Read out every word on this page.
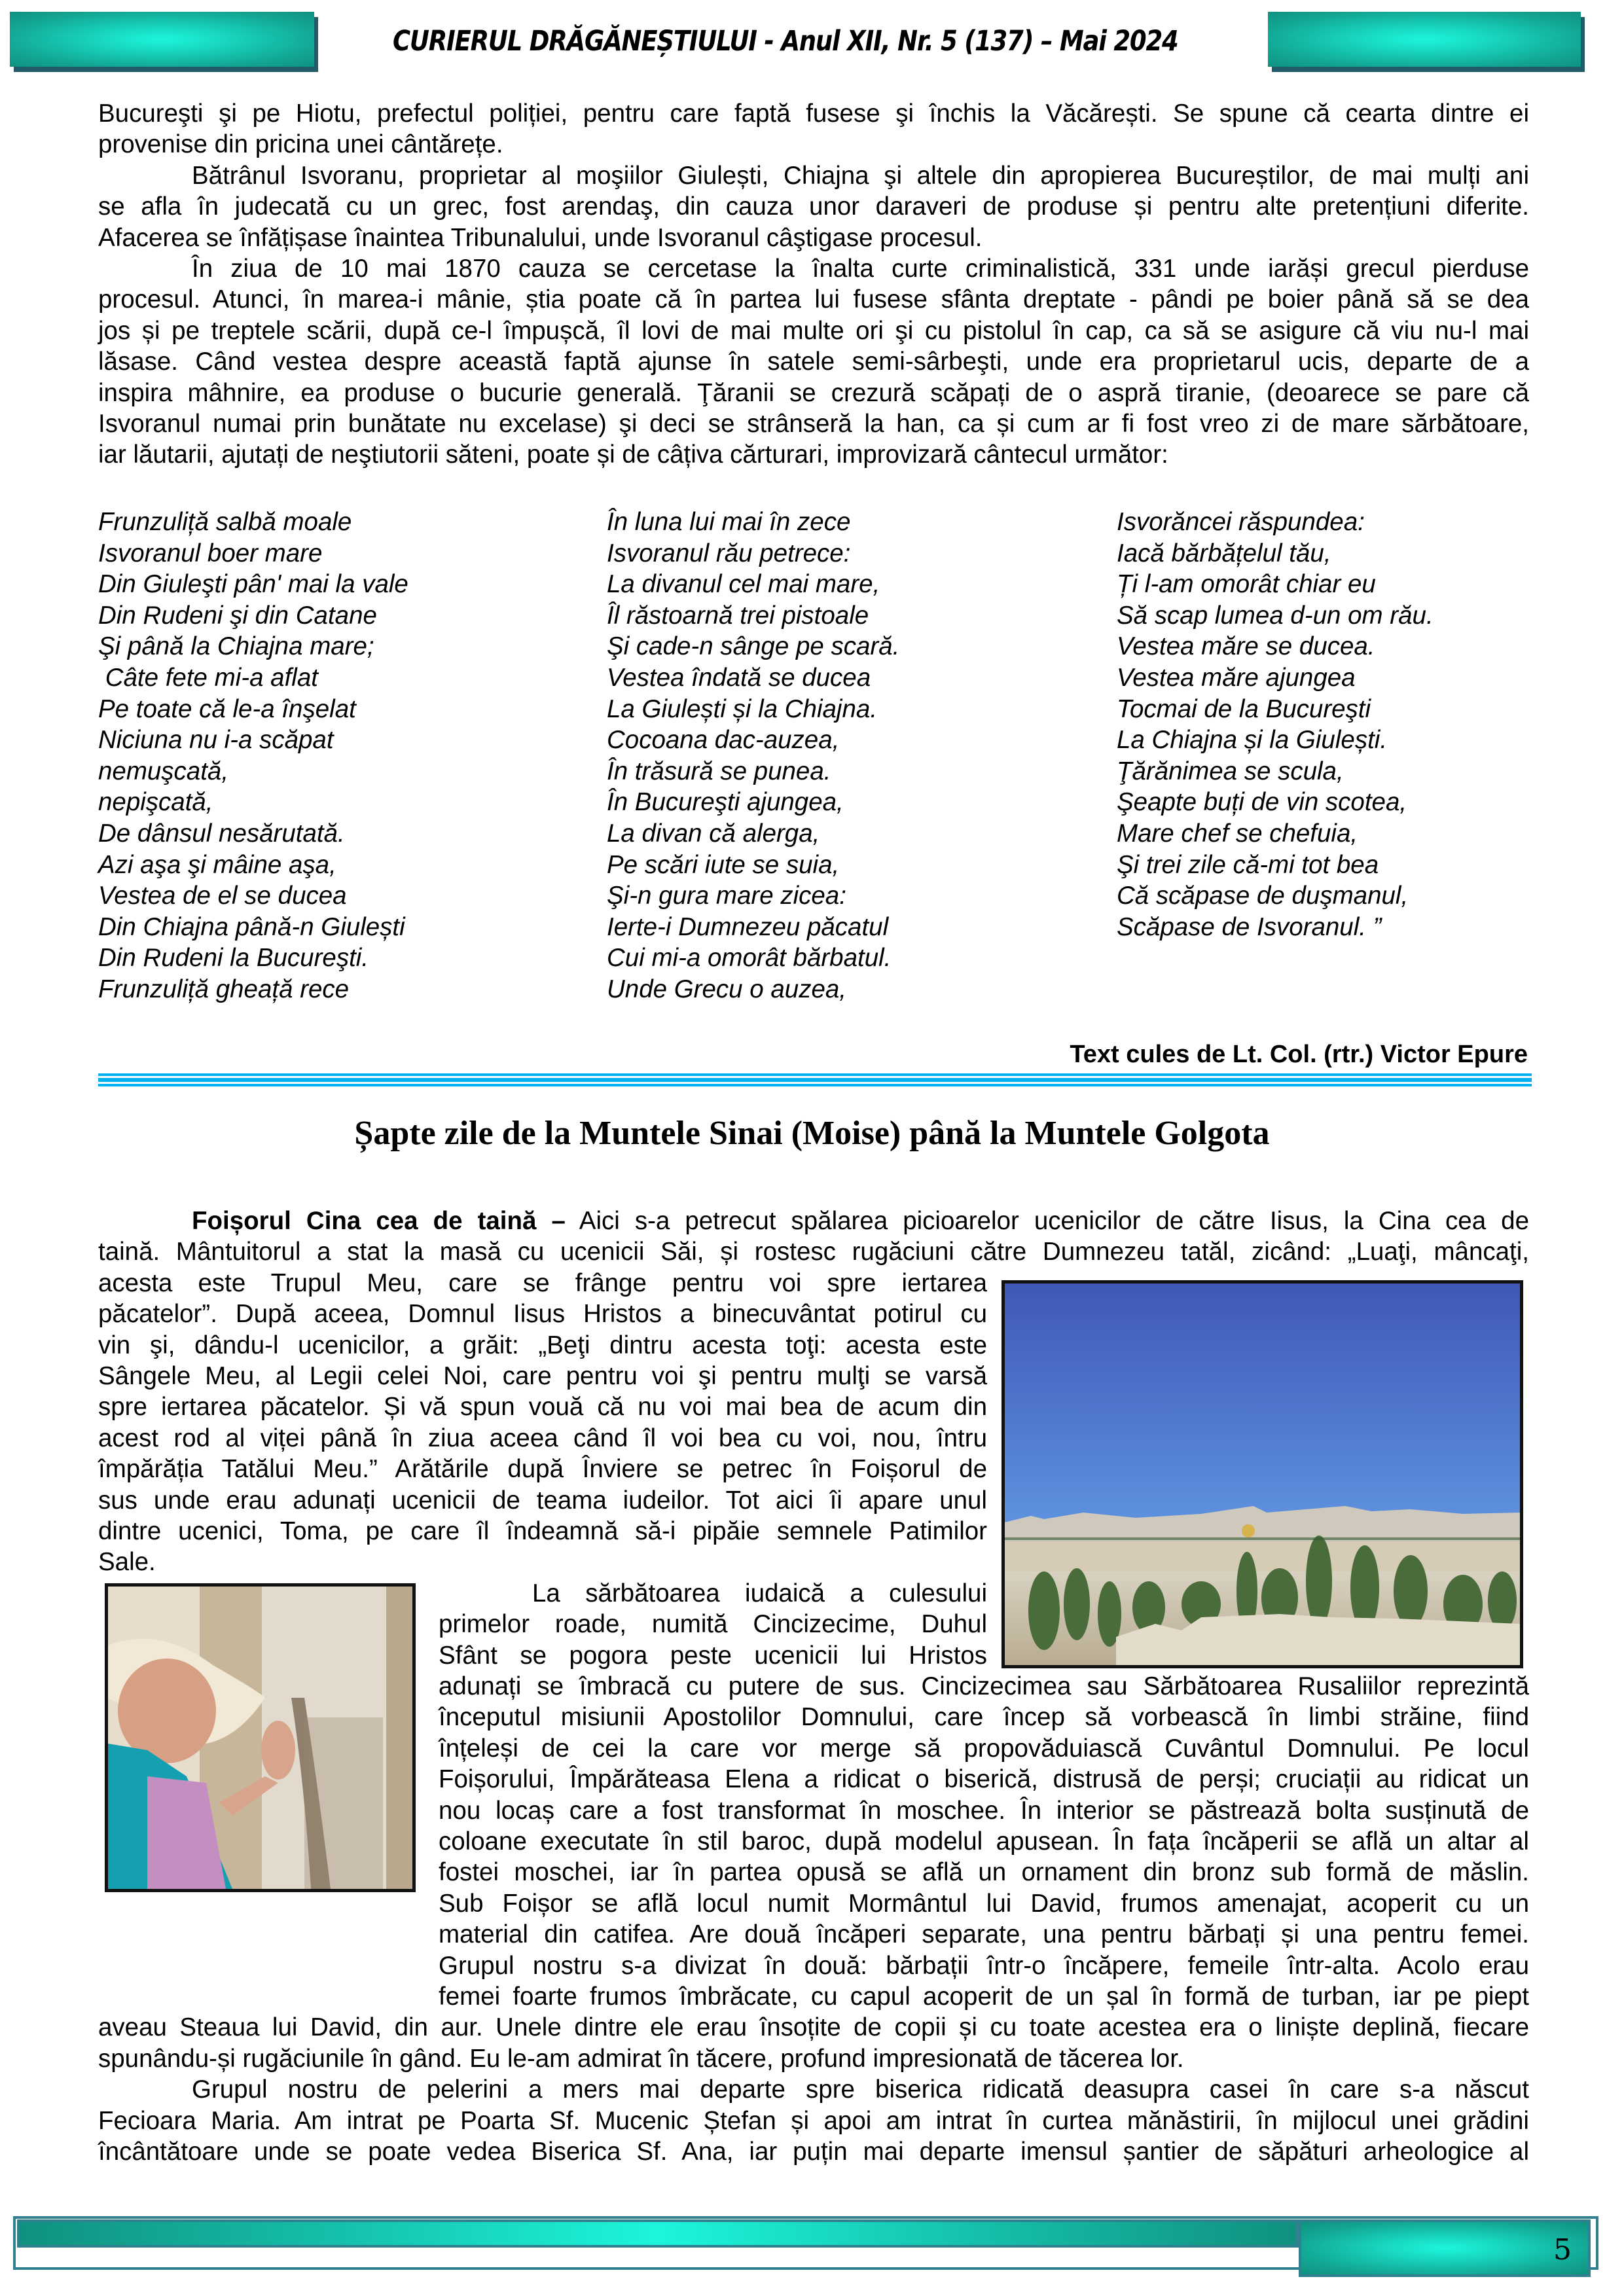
CURIERUL DRĂGĂNEȘTIULUI - Anul XII, Nr. 5 (137) – Mai 2024
Bucureşti şi pe Hiotu, prefectul poliției, pentru care faptă fusese şi închis la Văcărești. Se spune că cearta dintre ei
provenise din pricina unei cântărețe.
Bătrânul Isvoranu, proprietar al moşiilor Giulești, Chiajna şi altele din apropierea Bucureștilor, de mai mulți ani
se afla în judecată cu un grec, fost arendaş, din cauza unor daraveri de produse și pentru alte pretențiuni diferite.
Afacerea se înfățișase înaintea Tribunalului, unde Isvoranul câştigase procesul.
În ziua de 10 mai 1870 cauza se cercetase la înalta curte criminalistică, 331 unde iarăși grecul pierduse
procesul. Atunci, în marea-i mânie, știa poate că în partea lui fusese sfânta dreptate - pândi pe boier până să se dea
jos și pe treptele scării, după ce-l împușcă, îl lovi de mai multe ori şi cu pistolul în cap, ca să se asigure că viu nu-l mai
lăsase. Când vestea despre această faptă ajunse în satele semi-sârbeşti, unde era proprietarul ucis, departe de a
inspira mâhnire, ea produse o bucurie generală. Ţăranii se crezură scăpați de o aspră tiranie, (deoarece se pare că
Isvoranul numai prin bunătate nu excelase) şi deci se strânseră la han, ca și cum ar fi fost vreo zi de mare sărbătoare,
iar lăutarii, ajutați de neştiutorii săteni, poate și de câțiva cărturari, improvizară cântecul următor:
Frunzuliță salbă moale
Isvoranul boer mare
Din Giuleşti pân' mai la vale
Din Rudeni şi din Catane
Şi până la Chiajna mare;
Câte fete mi-a aflat
Pe toate că le-a înşelat
Niciuna nu i-a scăpat
nemuşcată,
nepişcată,
De dânsul nesărutată.
Azi aşa şi mâine aşa,
Vestea de el se ducea
Din Chiajna până-n Giulești
Din Rudeni la Bucureşti.
Frunzuliță gheață rece
În luna lui mai în zece
Isvoranul rău petrece:
La divanul cel mai mare,
Îl răstoarnă trei pistoale
Şi cade-n sânge pe scară.
Vestea îndată se ducea
La Giulești și la Chiajna.
Cocoana dac-auzea,
În trăsură se punea.
În Bucureşti ajungea,
La divan că alerga,
Pe scări iute se suia,
Şi-n gura mare zicea:
Ierte-i Dumnezeu păcatul
Cui mi-a omorât bărbatul.
Unde Grecu o auzea,
Isvorăncei răspundea:
Iacă bărbățelul tău,
Ți l-am omorât chiar eu
Să scap lumea d-un om rău.
Vestea măre se ducea.
Vestea măre ajungea
Tocmai de la Bucureşti
La Chiajna și la Giulești.
Ţărănimea se scula,
Şeapte buți de vin scotea,
Mare chef se chefuia,
Şi trei zile că-mi tot bea
Că scăpase de duşmanul,
Scăpase de Isvoranul. ”
Text cules de Lt. Col. (rtr.) Victor Epure
Șapte zile de la Muntele Sinai (Moise) până la Muntele Golgota
Foișorul Cina cea de taină – Aici s-a petrecut spălarea picioarelor ucenicilor de către Iisus, la Cina cea de
taină. Mântuitorul a stat la masă cu ucenicii Săi, și rostesc rugăciuni către Dumnezeu tatăl, zicând: „Luaţi, mâncaţi,
acesta este Trupul Meu, care se frânge pentru voi spre iertarea
păcatelor”. După aceea, Domnul Iisus Hristos a binecuvântat potirul cu
vin şi, dându-l ucenicilor, a grăit: „Beţi dintru acesta toţi: acesta este
Sângele Meu, al Legii celei Noi, care pentru voi şi pentru mulţi se varsă
spre iertarea păcatelor. Și vă spun vouă că nu voi mai bea de acum din
acest rod al viței până în ziua aceea când îl voi bea cu voi, nou, întru
împărăția Tatălui Meu.” Arătările după Înviere se petrec în Foișorul de
sus unde erau adunați ucenicii de teama iudeilor. Tot aici îi apare unul
dintre ucenici, Toma, pe care îl îndeamnă să-i pipăie semnele Patimilor
Sale.
La sărbătoarea iudaică a culesului
primelor roade, numită Cincizecime, Duhul
Sfânt se pogora peste ucenicii lui Hristos
adunați se îmbracă cu putere de sus. Cincizecimea sau Sărbătoarea Rusaliilor reprezintă
începutul misiunii Apostolilor Domnului, care încep să vorbească în limbi străine, fiind
înțeleși de cei la care vor merge să propovăduiască Cuvântul Domnului. Pe locul
Foișorului, Împărăteasa Elena a ridicat o biserică, distrusă de perși; cruciații au ridicat un
nou locaș care a fost transformat în moschee. În interior se păstrează bolta susținută de
coloane executate în stil baroc, după modelul apusean. În fața încăperii se află un altar al
fostei moschei, iar în partea opusă se află un ornament din bronz sub formă de măslin.
Sub Foișor se află locul numit Mormântul lui David, frumos amenajat, acoperit cu un
material din catifea. Are două încăperi separate, una pentru bărbați și una pentru femei.
Grupul nostru s-a divizat în două: bărbații într-o încăpere, femeile într-alta. Acolo erau
femei foarte frumos îmbrăcate, cu capul acoperit de un șal în formă de turban, iar pe piept
aveau Steaua lui David, din aur. Unele dintre ele erau însoțite de copii și cu toate acestea era o liniște deplină, fiecare
spunându-și rugăciunile în gând. Eu le-am admirat în tăcere, profund impresionată de tăcerea lor.
Grupul nostru de pelerini a mers mai departe spre biserica ridicată deasupra casei în care s-a născut
Fecioara Maria. Am intrat pe Poarta Sf. Mucenic Ștefan și apoi am intrat în curtea mănăstirii, în mijlocul unei grădini
încântătoare unde se poate vedea Biserica Sf. Ana, iar puțin mai departe imensul șantier de săpături arheologice al
5
